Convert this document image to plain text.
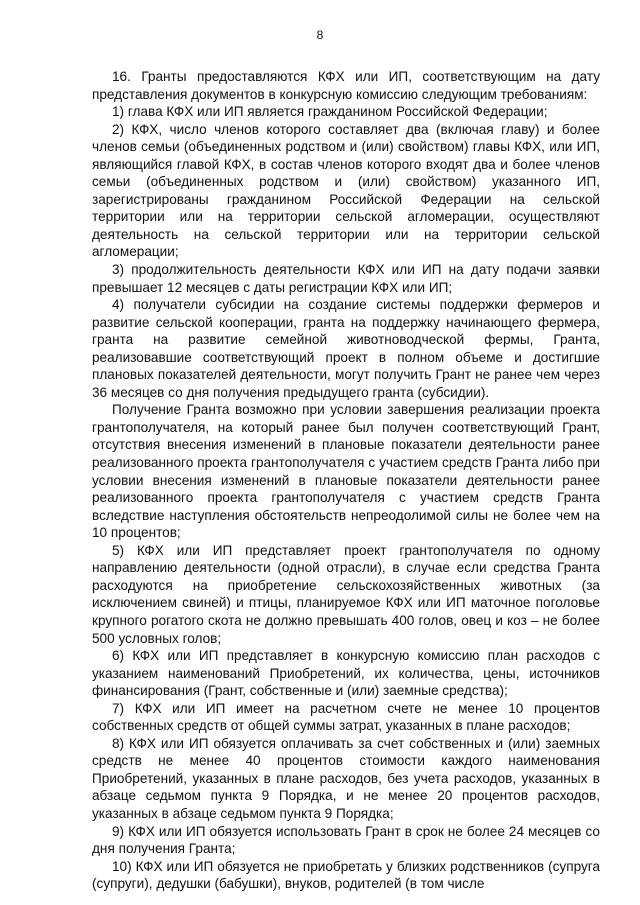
8

16. Гранты предоставляются КФХ или ИП, соответствующим на дату представления документов в конкурсную комиссию следующим требованиям:

1) глава КФХ или ИП является гражданином Российской Федерации;

2) КФХ, число членов которого составляет два (включая главу) и более членов семьи (объединенных родством и (или) свойством) главы КФХ, или ИП, являющийся главой КФХ, в состав членов которого входят два и более членов семьи (объединенных родством и (или) свойством) указанного ИП, зарегистрированы гражданином Российской Федерации на сельской территории или на территории сельской агломерации, осуществляют деятельность на сельской территории или на территории сельской агломерации;

3) продолжительность деятельности КФХ или ИП на дату подачи заявки превышает 12 месяцев с даты регистрации КФХ или ИП;

4) получатели субсидии на создание системы поддержки фермеров и развитие сельской кооперации, гранта на поддержку начинающего фермера, гранта на развитие семейной животноводческой фермы, Гранта, реализовавшие соответствующий проект в полном объеме и достигшие плановых показателей деятельности, могут получить Грант не ранее чем через 36 месяцев со дня получения предыдущего гранта (субсидии).

Получение Гранта возможно при условии завершения реализации проекта грантополучателя, на который ранее был получен соответствующий Грант, отсутствия внесения изменений в плановые показатели деятельности ранее реализованного проекта грантополучателя с участием средств Гранта либо при условии внесения изменений в плановые показатели деятельности ранее реализованного проекта грантополучателя с участием средств Гранта вследствие наступления обстоятельств непреодолимой силы не более чем на 10 процентов;

5) КФХ или ИП представляет проект грантополучателя по одному направлению деятельности (одной отрасли), в случае если средства Гранта расходуются на приобретение сельскохозяйственных животных (за исключением свиней) и птицы, планируемое КФХ или ИП маточное поголовье крупного рогатого скота не должно превышать 400 голов, овец и коз – не более 500 условных голов;

6) КФХ или ИП представляет в конкурсную комиссию план расходов с указанием наименований Приобретений, их количества, цены, источников финансирования (Грант, собственные и (или) заемные средства);

7) КФХ или ИП имеет на расчетном счете не менее 10 процентов собственных средств от общей суммы затрат, указанных в плане расходов;

8) КФХ или ИП обязуется оплачивать за счет собственных и (или) заемных средств не менее 40 процентов стоимости каждого наименования Приобретений, указанных в плане расходов, без учета расходов, указанных в абзаце седьмом пункта 9 Порядка, и не менее 20 процентов расходов, указанных в абзаце седьмом пункта 9 Порядка;

9) КФХ или ИП обязуется использовать Грант в срок не более 24 месяцев со дня получения Гранта;

10) КФХ или ИП обязуется не приобретать у близких родственников (супруга (супруги), дедушки (бабушки), внуков, родителей (в том числе
